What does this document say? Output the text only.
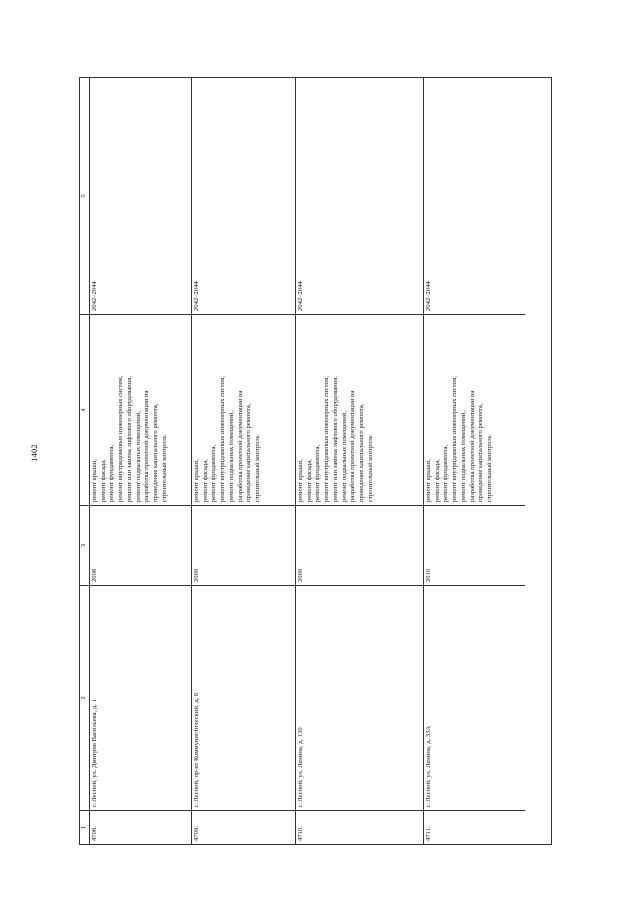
1402
1
2
3
4
5
4708.
г. Лесной, ул. Дмитрия Васильева, д. 1
2008
ремонт крыши, ремонт фасада, ремонт фундамента, ремонт внутридомовых инженерных систем, ремонт или замена лифтового оборудования, ремонт подвальных помещений, разработка проектной документации на проведение капитального ремонта, строительный контроль
2042–2044
4709.
г. Лесной, пр-кт Коммунистический, д. 6
2009
ремонт крыши, ремонт фасада, ремонт фундамента, ремонт внутридомовых инженерных систем, ремонт подвальных помещений, разработка проектной документации на проведение капитального ремонта, строительный контроль
2042–2044
4710.
г. Лесной, ул. Ленина, д. 130
2009
ремонт крыши, ремонт фасада, ремонт фундамента, ремонт внутридомовых инженерных систем, ремонт или замена лифтового оборудования, ремонт подвальных помещений, разработка проектной документации на проведение капитального ремонта, строительный контроль
2042–2044
4711.
г. Лесной, ул. Ленина, д. 33А
2010
ремонт крыши, ремонт фасада, ремонт фундамента, ремонт внутридомовых инженерных систем, ремонт подвальных помещений, разработка проектной документации на проведение капитального ремонта, строительный контроль
2042–2044
